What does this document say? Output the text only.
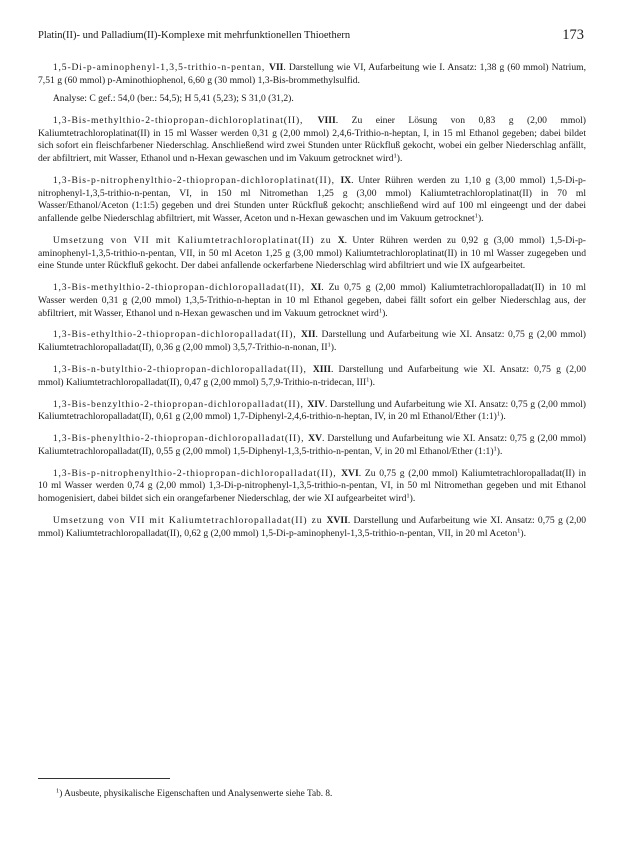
Platin(II)- und Palladium(II)-Komplexe mit mehrfunktionellen Thioethern	173

1,5-Di-p-aminophenyl-1,3,5-trithio-n-pentan, VII. Darstellung wie VI, Aufarbeitung wie I. Ansatz: 1,38 g (60 mmol) Natrium, 7,51 g (60 mmol) p-Aminothiophenol, 6,60 g (30 mmol) 1,3-Bis-brommethylsulfid.

Analyse: C gef.: 54,0 (ber.: 54,5); H 5,41 (5,23); S 31,0 (31,2).

1,3-Bis-methylthio-2-thiopropan-dichloroplatinat(II), VIII. Zu einer Lösung von 0,83 g (2,00 mmol) Kaliumtetrachloroplatinat(II) in 15 ml Wasser werden 0,31 g (2,00 mmol) 2,4,6-Trithio-n-heptan, I, in 15 ml Ethanol gegeben; dabei bildet sich sofort ein fleischfarbener Niederschlag. Anschließend wird zwei Stunden unter Rückfluß gekocht, wobei ein gelber Niederschlag anfällt, der abfiltriert, mit Wasser, Ethanol und n-Hexan gewaschen und im Vakuum getrocknet wird$^1$).

1,3-Bis-p-nitrophenylthio-2-thiopropan-dichloroplatinat(II), IX. Unter Rühren werden zu 1,10 g (3,00 mmol) 1,5-Di-p-nitrophenyl-1,3,5-trithio-n-pentan, VI, in 150 ml Nitromethan 1,25 g (3,00 mmol) Kaliumtetrachloroplatinat(II) in 70 ml Wasser/Ethanol/Aceton (1:1:5) gegeben und drei Stunden unter Rückfluß gekocht; anschließend wird auf 100 ml eingeengt und der dabei anfallende gelbe Niederschlag abfiltriert, mit Wasser, Aceton und n-Hexan gewaschen und im Vakuum getrocknet$^1$).

Umsetzung von VII mit Kaliumtetrachloroplatinat(II) zu X. Unter Rühren werden zu 0,92 g (3,00 mmol) 1,5-Di-p-aminophenyl-1,3,5-trithio-n-pentan, VII, in 50 ml Aceton 1,25 g (3,00 mmol) Kaliumtetrachloroplatinat(II) in 10 ml Wasser zugegeben und eine Stunde unter Rückfluß gekocht. Der dabei anfallende ockerfarbene Niederschlag wird abfiltriert und wie IX aufgearbeitet.

1,3-Bis-methylthio-2-thiopropan-dichloropalladat(II), XI. Zu 0,75 g (2,00 mmol) Kaliumtetrachloropalladat(II) in 10 ml Wasser werden 0,31 g (2,00 mmol) 1,3,5-Trithio-n-heptan in 10 ml Ethanol gegeben, dabei fällt sofort ein gelber Niederschlag aus, der abfiltriert, mit Wasser, Ethanol und n-Hexan gewaschen und im Vakuum getrocknet wird$^1$).

1,3-Bis-ethylthio-2-thiopropan-dichloropalladat(II), XII. Darstellung und Aufarbeitung wie XI. Ansatz: 0,75 g (2,00 mmol) Kaliumtetrachloropalladat(II), 0,36 g (2,00 mmol) 3,5,7-Trithio-n-nonan, $II^1$).

1,3-Bis-n-butylthio-2-thiopropan-dichloropalladat(II), XIII. Darstellung und Aufarbeitung wie XI. Ansatz: 0,75 g (2,00 mmol) Kaliumtetrachloropalladat(II), 0,47 g (2,00 mmol) 5,7,9-Trithio-n-tridecan, III$^1$).

1,3-Bis-benzylthio-2-thiopropan-dichloropalladat(II), XIV. Darstellung und Aufarbeitung wie XI. Ansatz: 0,75 g (2,00 mmol) Kaliumtetrachloropalladat(II), 0,61 g (2,00 mmol) 1,7-Diphenyl-2,4,6-trithio-n-heptan, IV, in 20 ml Ethanol/Ether (1:1)$^1$).

1,3-Bis-phenylthio-2-thiopropan-dichloropalladat(II), XV. Darstellung und Aufarbeitung wie XI. Ansatz: 0,75 g (2,00 mmol) Kaliumtetrachloropalladat(II), 0,55 g (2,00 mmol) 1,5-Diphenyl-1,3,5-trithio-n-pentan, V, in 20 ml Ethanol/Ether (1:1)$^1$).

1,3-Bis-p-nitrophenylthio-2-thiopropan-dichloropalladat(II), XVI. Zu 0,75 g (2,00 mmol) Kaliumtetrachloropalladat(II) in 10 ml Wasser werden 0,74 g (2,00 mmol) 1,3-Di-p-nitrophenyl-1,3,5-trithio-n-pentan, VI, in 50 ml Nitromethan gegeben und mit Ethanol homogenisiert, dabei bildet sich ein orangefarbener Niederschlag, der wie XI aufgearbeitet wird$^1$).

Umsetzung von VII mit Kaliumtetrachloropalladat(II) zu XVII. Darstellung und Aufarbeitung wie XI. Ansatz: 0,75 g (2,00 mmol) Kaliumtetrachloropalladat(II), 0,62 g (2,00 mmol) 1,5-Di-p-aminophenyl-1,3,5-trithio-n-pentan, VII, in 20 ml Aceton$^1$).

$^1$) Ausbeute, physikalische Eigenschaften und Analysenwerte siehe Tab. 8.
